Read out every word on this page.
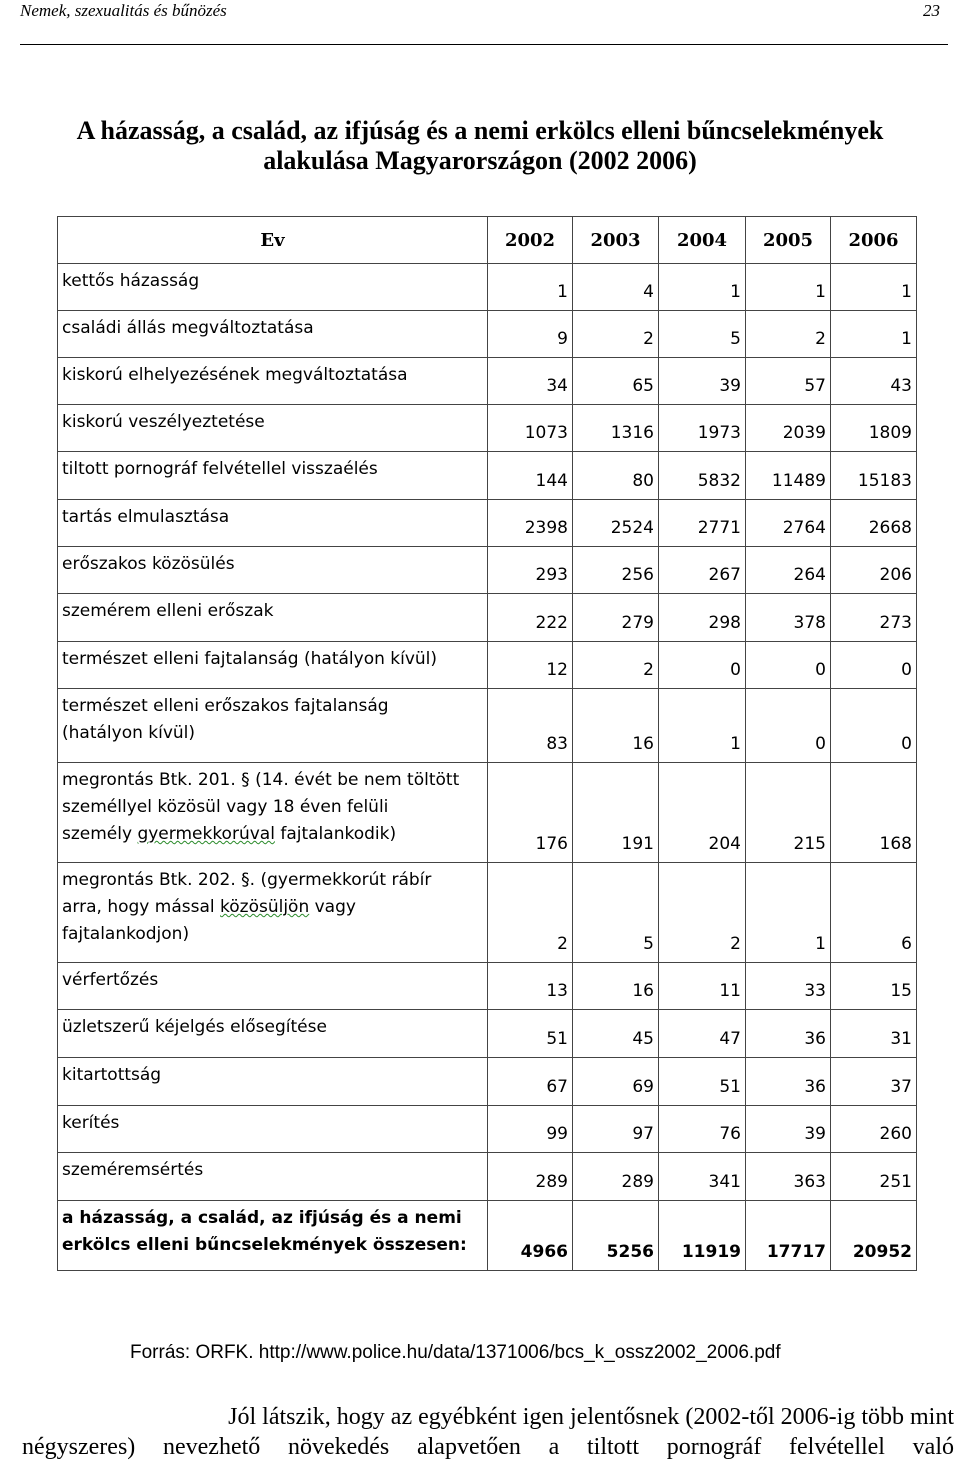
Nemek, szexualitás és bűnözés	23
A házasság, a család, az ifjúság és a nemi erkölcs elleni bűncselekmények
alakulása Magyarországon (2002 2006)
Ev	2002	2003	2004	2005	2006
kettős házasság	1	4	1	1	1
családi állás megváltoztatása	9	2	5	2	1
kiskorú elhelyezésének megváltoztatása	34	65	39	57	43
kiskorú veszélyeztetése	1073	1316	1973	2039	1809
tiltott pornográf felvétellel visszaélés	144	80	5832	11489	15183
tartás elmulasztása	2398	2524	2771	2764	2668
erőszakos közösülés	293	256	267	264	206
szemérem elleni erőszak	222	279	298	378	273
természet elleni fajtalanság (hatályon kívül)	12	2	0	0	0
természet elleni erőszakos fajtalanság
(hatályon kívül)	83	16	1	0	0
megrontás Btk. 201. § (14. évét be nem töltött
személlyel közösül vagy 18 éven felüli
személy gyermekkorúval fajtalankodik)	176	191	204	215	168
megrontás Btk. 202. §. (gyermekkorút rábír
arra, hogy mással közösüljön vagy
fajtalankodjon)	2	5	2	1	6
vérfertőzés	13	16	11	33	15
üzletszerű kéjelgés elősegítése	51	45	47	36	31
kitartottság	67	69	51	36	37
kerítés	99	97	76	39	260
szeméremsértés	289	289	341	363	251
a házasság, a család, az ifjúság és a nemi
erkölcs elleni bűncselekmények összesen:	4966	5256	11919	17717	20952
Forrás: ORFK. http://www.police.hu/data/1371006/bcs_k_ossz2002_2006.pdf
Jól látszik, hogy az egyébként igen jelentősnek (2002-től 2006-ig több mint
négyszeres) nevezhető növekedés alapvetően a tiltott pornográf felvétellel való
